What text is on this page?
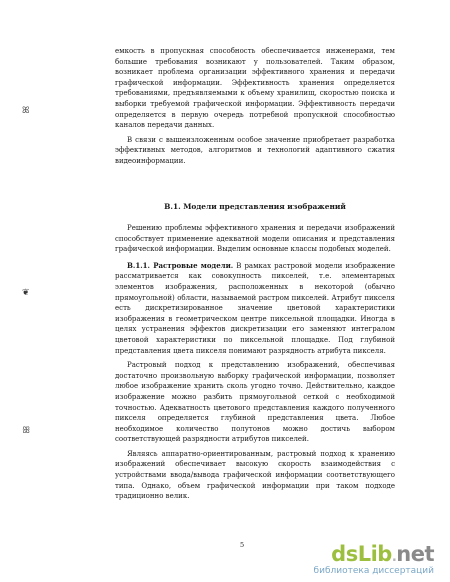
ꕤ
❦
ꕥ

емкость в пропускная способность обеспечивается инженерами, тем большие требования возникают у пользователей. Таким образом, возникает проблема организации эффективного хранения и передачи графической информации. Эффективность хранения определяется требованиями, предъявляемыми к объему хранилищ, скоростью поиска и выборки требуемой графической информации. Эффективность передачи определяется в первую очередь потребной пропускной способностью каналов передачи данных.

В связи с вышеизложенным особое значение приобретает разработка эффективных методов, алгоритмов и технологий адаптивного сжатия видеоинформации.

В.1. Модели представления изображений

Решению проблемы эффективного хранения и передачи изображений способствует применение адекватной модели описания и представления графической информации. Выделим основные классы подобных моделей.

В.1.1. Растровые модели. В рамках растровой модели изображение рассматривается как совокупность пикселей, т.е. элементарных элементов изображения, расположенных в некоторой (обычно прямоугольной) области, называемой растром пикселей. Атрибут пикселя есть дискретизированное значение цветовой характеристики изображения в геометрическом центре пиксельной площадки. Иногда в целях устранения эффектов дискретизации его заменяют интегралом цветовой характеристики по пиксельной площадке. Под глубиной представления цвета пикселя понимают разрядность атрибута пикселя.

Растровый подход к представлению изображений, обеспечивая достаточно произвольную выборку графической информации, позволяет любое изображение хранить сколь угодно точно. Действительно, каждое изображение можно разбить прямоугольной сеткой с необходимой точностью. Адекватность цветового представления каждого полученного пикселя определяется глубиной представления цвета. Любое необходимое количество полутонов можно достичь выбором соответствующей разрядности атрибутов пикселей.

Являясь аппаратно-ориентированным, растровый подход к хранению изображений обеспечивает высокую скорость взаимодействия с устройствами ввода/вывода графической информации соответствующего типа. Однако, объем графической информации при таком подходе традиционно велик.

5	dsLib.net
библиотека диссертаций
